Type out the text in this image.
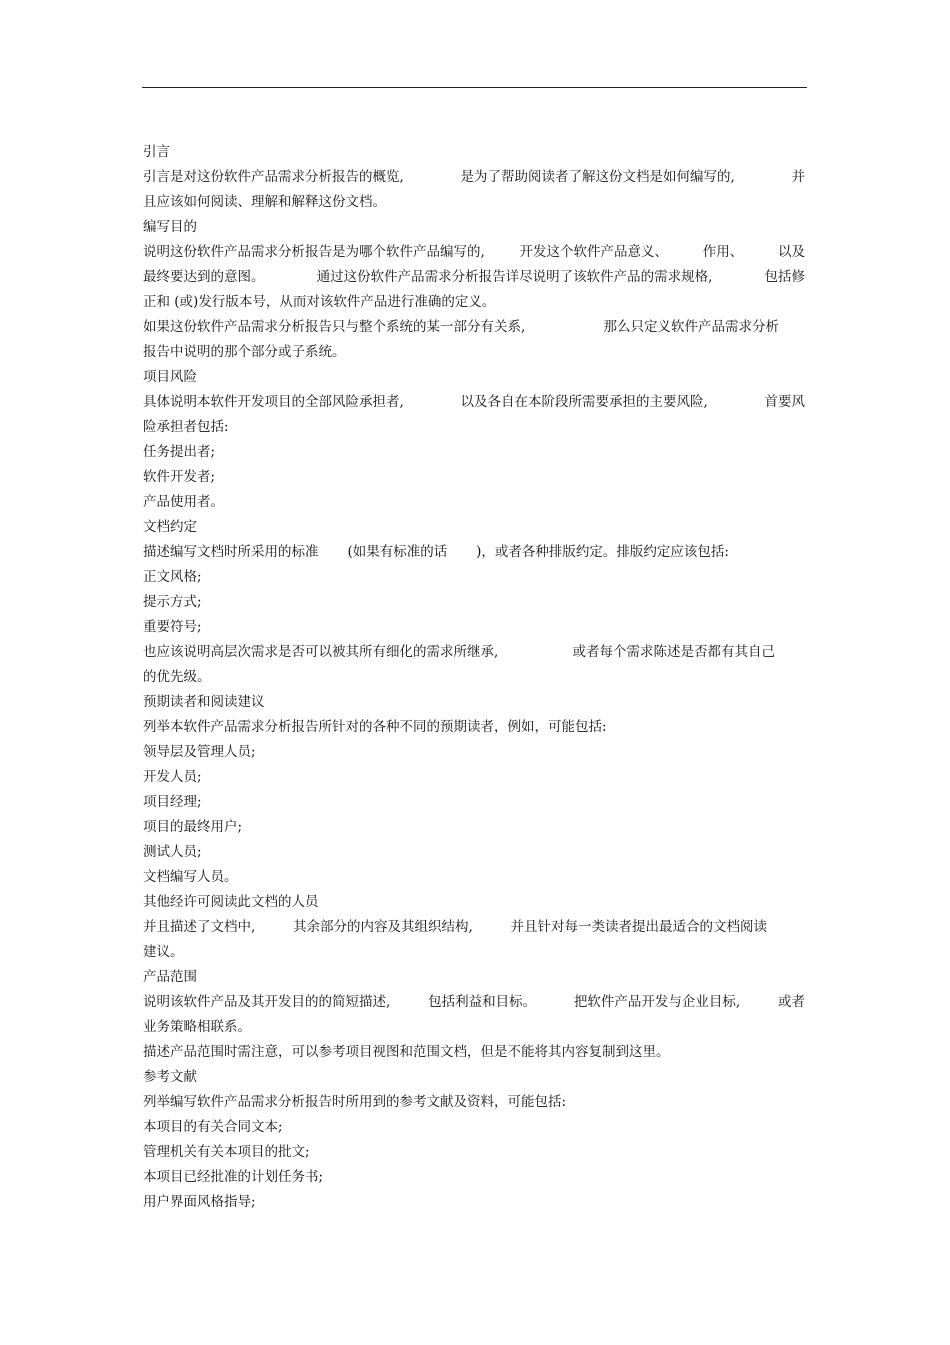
引言
引言是对这份软件产品需求分析报告的概览,	是为了帮助阅读者了解这份文档是如何编写的,	并
且应该如何阅读、理解和解释这份文档。
编写目的
说明这份软件产品需求分析报告是为哪个软件产品编写的,	开发这个软件产品意义、	作用、	以及
最终要达到的意图。	通过这份软件产品需求分析报告详尽说明了该软件产品的需求规格,	包括修
正和 (或)发行版本号，从而对该软件产品进行准确的定义。
如果这份软件产品需求分析报告只与整个系统的某一部分有关系,	那么只定义软件产品需求分析
报告中说明的那个部分或子系统。
项目风险
具体说明本软件开发项目的全部风险承担者,	以及各自在本阶段所需要承担的主要风险,	首要风
险承担者包括:
任务提出者;
软件开发者;
产品使用者。
文档约定
描述编写文档时所采用的标准 (如果有标准的话 )，或者各种排版约定。排版约定应该包括:
正文风格;
提示方式;
重要符号;
也应该说明高层次需求是否可以被其所有细化的需求所继承,	或者每个需求陈述是否都有其自己
的优先级。
预期读者和阅读建议
列举本软件产品需求分析报告所针对的各种不同的预期读者，例如，可能包括:
领导层及管理人员;
开发人员;
项目经理;
项目的最终用户;
测试人员;
文档编写人员。
其他经许可阅读此文档的人员
并且描述了文档中,	其余部分的内容及其组织结构,	并且针对每一类读者提出最适合的文档阅读
建议。
产品范围
说明该软件产品及其开发目的的简短描述,	包括利益和目标。	把软件产品开发与企业目标,	或者
业务策略相联系。
描述产品范围时需注意，可以参考项目视图和范围文档，但是不能将其内容复制到这里。
参考文献
列举编写软件产品需求分析报告时所用到的参考文献及资料，可能包括:
本项目的有关合同文本;
管理机关有关本项目的批文;
本项目已经批准的计划任务书;
用户界面风格指导;
